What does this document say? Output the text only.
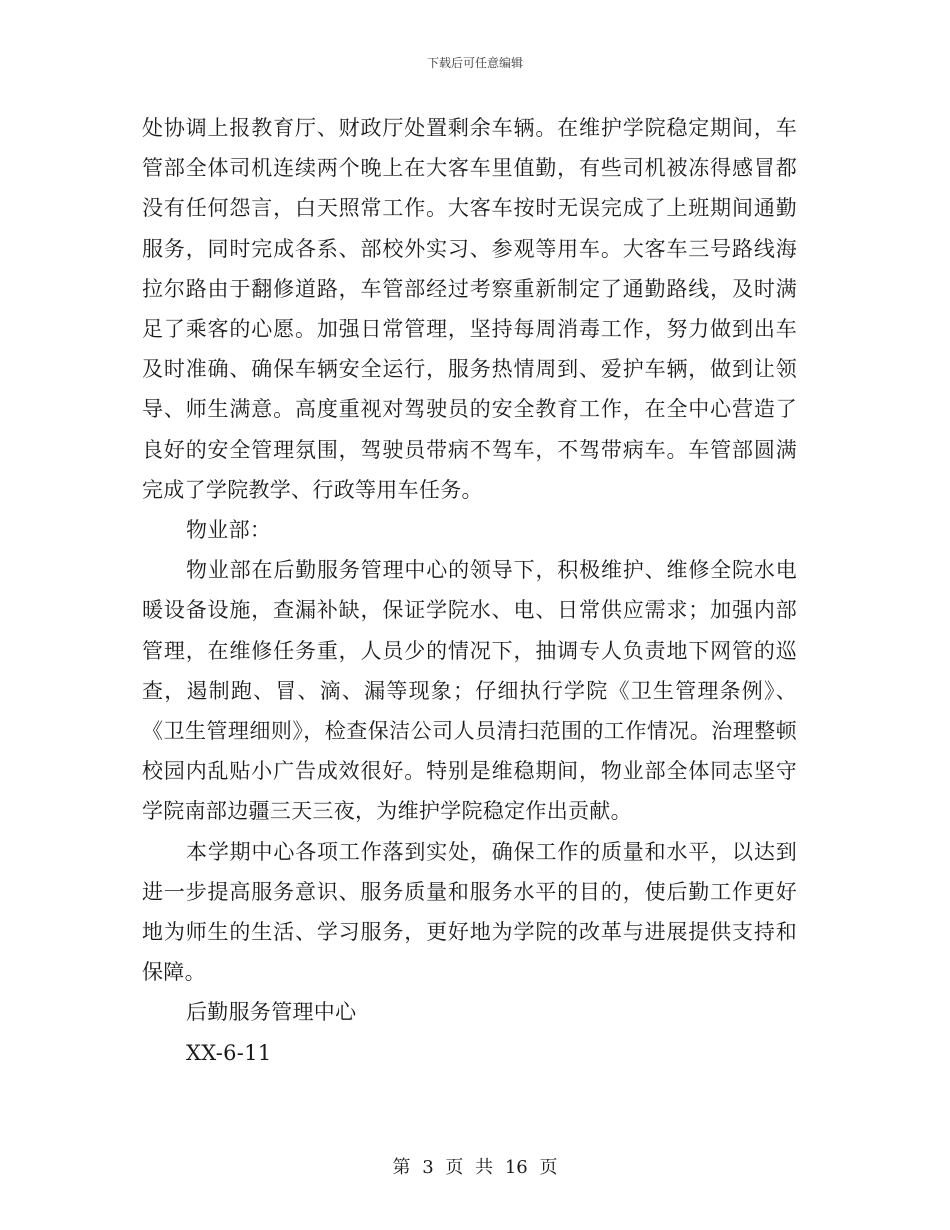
下载后可任意编辑

处协调上报教育厅、财政厅处置剩余车辆。在维护学院稳定期间，车管部全体司机连续两个晚上在大客车里值勤，有些司机被冻得感冒都没有任何怨言，白天照常工作。大客车按时无误完成了上班期间通勤服务，同时完成各系、部校外实习、参观等用车。大客车三号路线海拉尔路由于翻修道路，车管部经过考察重新制定了通勤路线，及时满足了乘客的心愿。加强日常管理，坚持每周消毒工作，努力做到出车及时准确、确保车辆安全运行，服务热情周到、爱护车辆，做到让领导、师生满意。高度重视对驾驶员的安全教育工作，在全中心营造了良好的安全管理氛围，驾驶员带病不驾车，不驾带病车。车管部圆满完成了学院教学、行政等用车任务。

物业部：

物业部在后勤服务管理中心的领导下，积极维护、维修全院水电暖设备设施，查漏补缺，保证学院水、电、日常供应需求；加强内部管理，在维修任务重，人员少的情况下，抽调专人负责地下网管的巡查，遏制跑、冒、滴、漏等现象；仔细执行学院《卫生管理条例》、《卫生管理细则》，检查保洁公司人员清扫范围的工作情况。治理整顿校园内乱贴小广告成效很好。特别是维稳期间，物业部全体同志坚守学院南部边疆三天三夜，为维护学院稳定作出贡献。

本学期中心各项工作落到实处，确保工作的质量和水平，以达到进一步提高服务意识、服务质量和服务水平的目的，使后勤工作更好地为师生的生活、学习服务，更好地为学院的改革与进展提供支持和保障。

后勤服务管理中心

XX-6-11

第 3 页 共 16 页
